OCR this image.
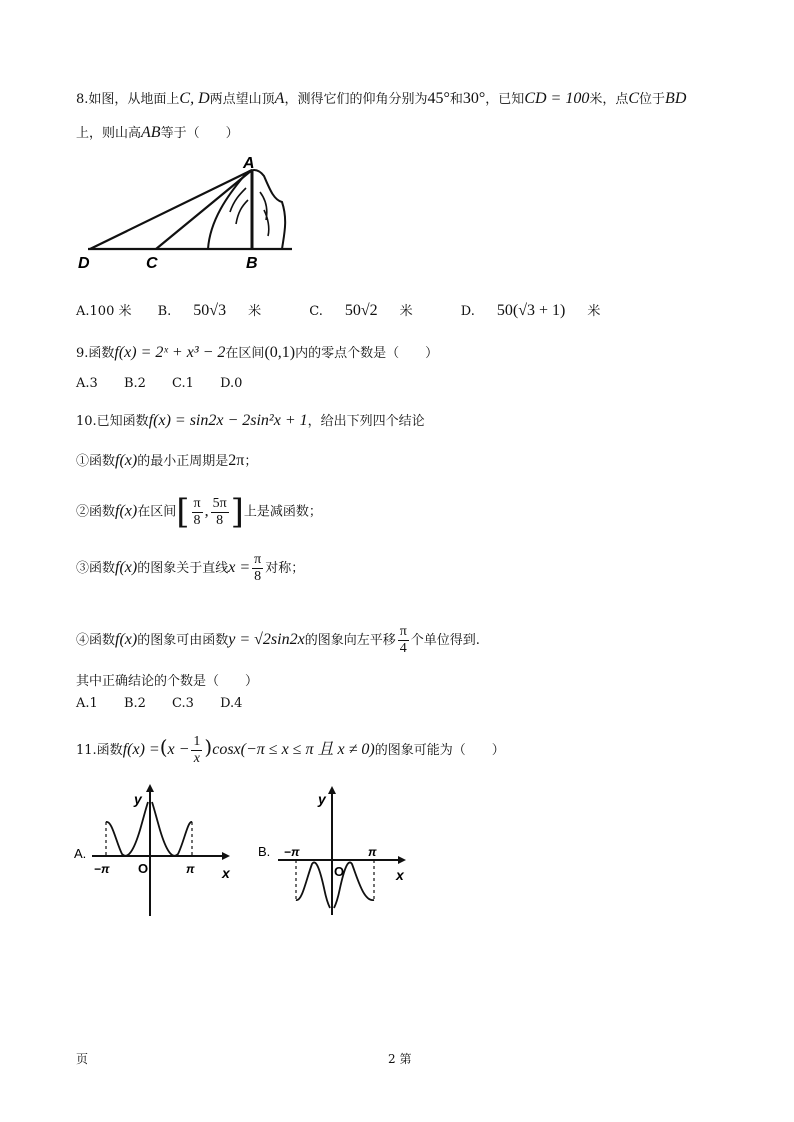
8.如图，从地面上C, D两点望山顶A，测得它们的仰角分别为45°和30°，已知CD = 100米，点C位于BD
上，则山高AB等于（　　）
A
B
C
D
A.100 米 B. 50√3 米	C. 50√2 米	D. 50(√3 + 1) 米
9.函数f(x) = 2ˣ + x³ − 2在区间(0,1)内的零点个数是（　　）
A.3 B.2 C.1 D.0
10.已知函数f(x) = sin2x − 2sin²x + 1，给出下列四个结论
①函数f(x)的最小正周期是2π；
②函数f(x)在区间[ $\frac{\pi}{8}$ , $\frac{5\pi}{8}$ ]上是减函数；
③函数f(x)的图象关于直线$x = \frac{\pi}{8}$ 对称；
④函数f(x)的图象可由函数y = √2sin2x的图象向左平移 $\frac{\pi}{4}$ 个单位得到.
其中正确结论的个数是（　　）
A.1 B.2 C.3 D.4
11.函数$f(x) =(x - \frac{1}{x} )\cos x(-\pi \le x \le \pi$ 且 x ≠ 0)的图象可能为（　　）
A.
y
x
O
−π	π
B.
y
x
O
−π	π
页	2 第
